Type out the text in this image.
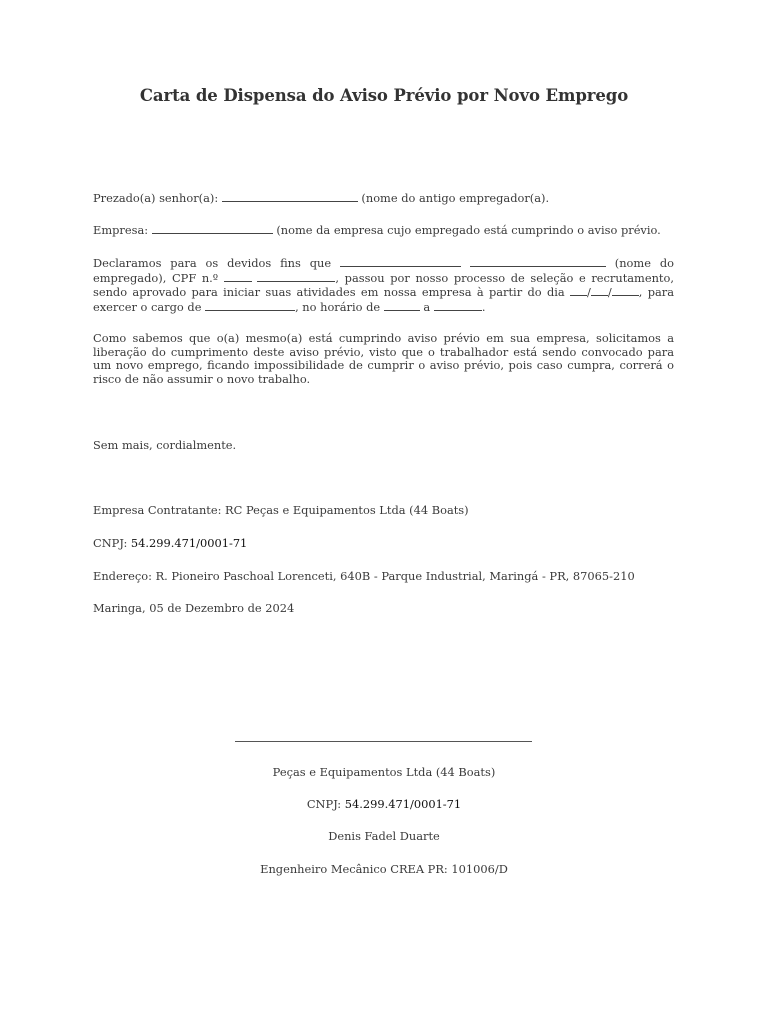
Carta de Dispensa do Aviso Prévio por Novo Emprego

Prezado(a) senhor(a):	(nome do antigo empregador(a).

Empresa:	(nome da empresa cujo empregado está cumprindo o aviso prévio.

Declaramos para os devidos fins que	(nome do empregado), CPF n.º	, passou por nosso processo de seleção e recrutamento, sendo aprovado para iniciar suas atividades em nossa empresa à partir do dia / / , para exercer o cargo de	, no horário de	a	.

Como sabemos que o(a) mesmo(a) está cumprindo aviso prévio em sua empresa, solicitamos a liberação do cumprimento deste aviso prévio, visto que o trabalhador está sendo convocado para um novo emprego, ficando impossibilidade de cumprir o aviso prévio, pois caso cumpra, correrá o risco de não assumir o novo trabalho.

Sem mais, cordialmente.

Empresa Contratante: RC Peças e Equipamentos Ltda (44 Boats)

CNPJ: 54.299.471/0001-71

Endereço: R. Pioneiro Paschoal Lorenceti, 640B - Parque Industrial, Maringá - PR, 87065-210

Maringa, 05 de Dezembro de 2024

Peças e Equipamentos Ltda (44 Boats)
CNPJ: 54.299.471/0001-71
Denis Fadel Duarte
Engenheiro Mecânico CREA PR: 101006/D
